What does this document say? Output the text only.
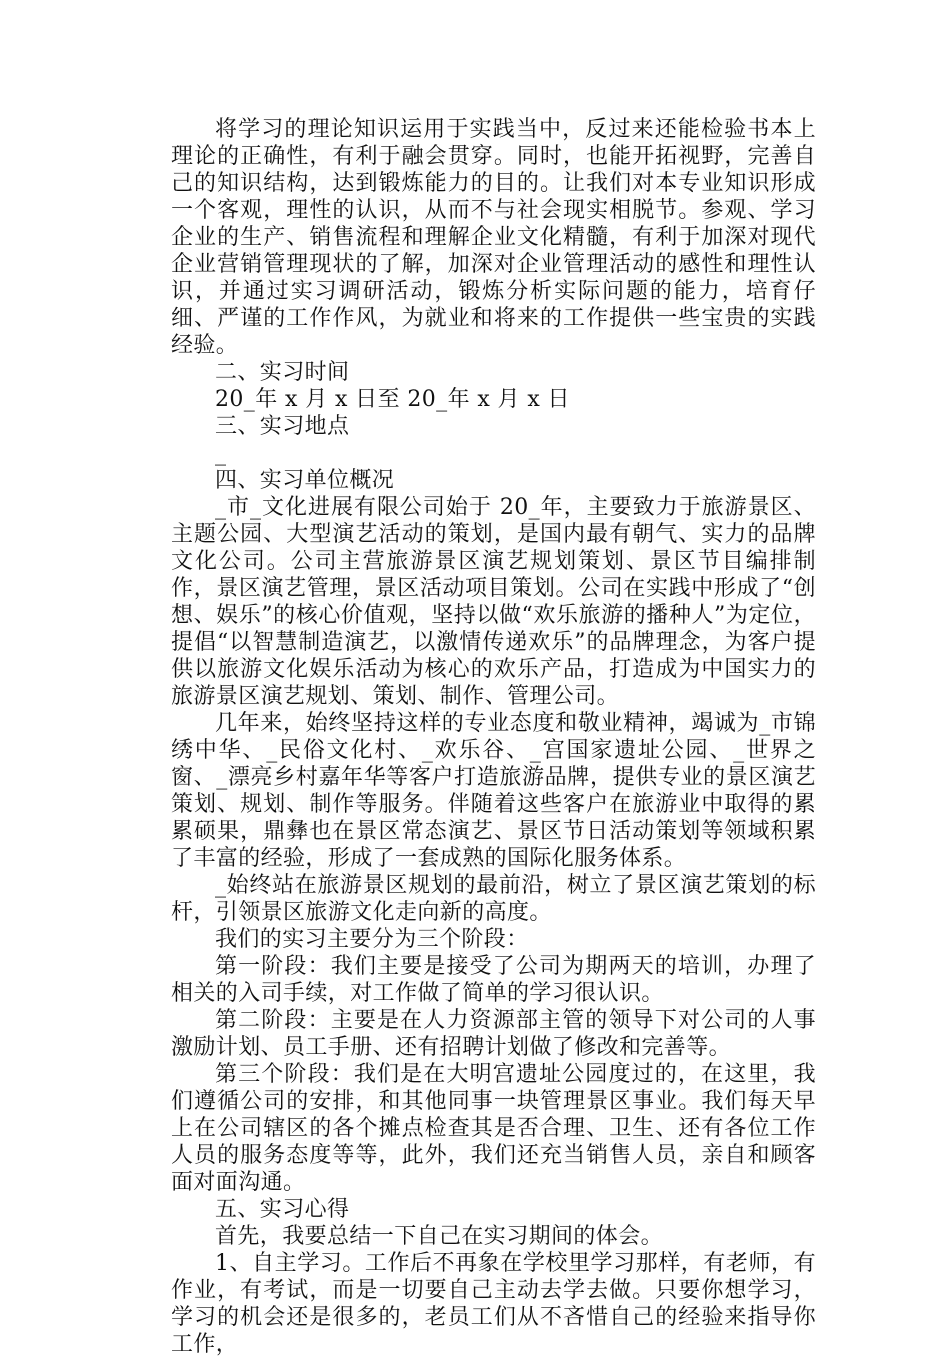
将学习的理论知识运用于实践当中，反过来还能检验书本上理论的正确性，有利于融会贯穿。同时，也能开拓视野，完善自己的知识结构，达到锻炼能力的目的。让我们对本专业知识形成一个客观，理性的认识，从而不与社会现实相脱节。参观、学习企业的生产、销售流程和理解企业文化精髓，有利于加深对现代企业营销管理现状的了解，加深对企业管理活动的感性和理性认识，并通过实习调研活动，锻炼分析实际问题的能力，培育仔细、严谨的工作作风，为就业和将来的工作提供一些宝贵的实践经验。

二、实习时间

20_年 x 月 x 日至 20_年 x 月 x 日

三、实习地点

_

四、实习单位概况

_市_文化进展有限公司始于 20_年，主要致力于旅游景区、主题公园、大型演艺活动的策划，是国内最有朝气、实力的品牌文化公司。公司主营旅游景区演艺规划策划、景区节目编排制作，景区演艺管理，景区活动项目策划。公司在实践中形成了“创想、娱乐”的核心价值观，坚持以做“欢乐旅游的播种人”为定位，提倡“以智慧制造演艺，以激情传递欢乐”的品牌理念，为客户提供以旅游文化娱乐活动为核心的欢乐产品，打造成为中国实力的旅游景区演艺规划、策划、制作、管理公司。

几年来，始终坚持这样的专业态度和敬业精神，竭诚为_市锦绣中华、_民俗文化村、_欢乐谷、_宫国家遗址公园、_世界之窗、_漂亮乡村嘉年华等客户打造旅游品牌，提供专业的景区演艺策划、规划、制作等服务。伴随着这些客户在旅游业中取得的累累硕果，鼎彝也在景区常态演艺、景区节日活动策划等领域积累了丰富的经验，形成了一套成熟的国际化服务体系。

_始终站在旅游景区规划的最前沿，树立了景区演艺策划的标杆，引领景区旅游文化走向新的高度。

我们的实习主要分为三个阶段：

第一阶段：我们主要是接受了公司为期两天的培训，办理了相关的入司手续，对工作做了简单的学习很认识。

第二阶段：主要是在人力资源部主管的领导下对公司的人事激励计划、员工手册、还有招聘计划做了修改和完善等。

第三个阶段：我们是在大明宫遗址公园度过的，在这里，我们遵循公司的安排，和其他同事一块管理景区事业。我们每天早上在公司辖区的各个摊点检查其是否合理、卫生、还有各位工作人员的服务态度等等，此外，我们还充当销售人员，亲自和顾客面对面沟通。

五、实习心得

首先，我要总结一下自己在实习期间的体会。

1、自主学习。工作后不再象在学校里学习那样，有老师，有作业，有考试，而是一切要自己主动去学去做。只要你想学习，学习的机会还是很多的，老员工们从不吝惜自己的经验来指导你工作，
